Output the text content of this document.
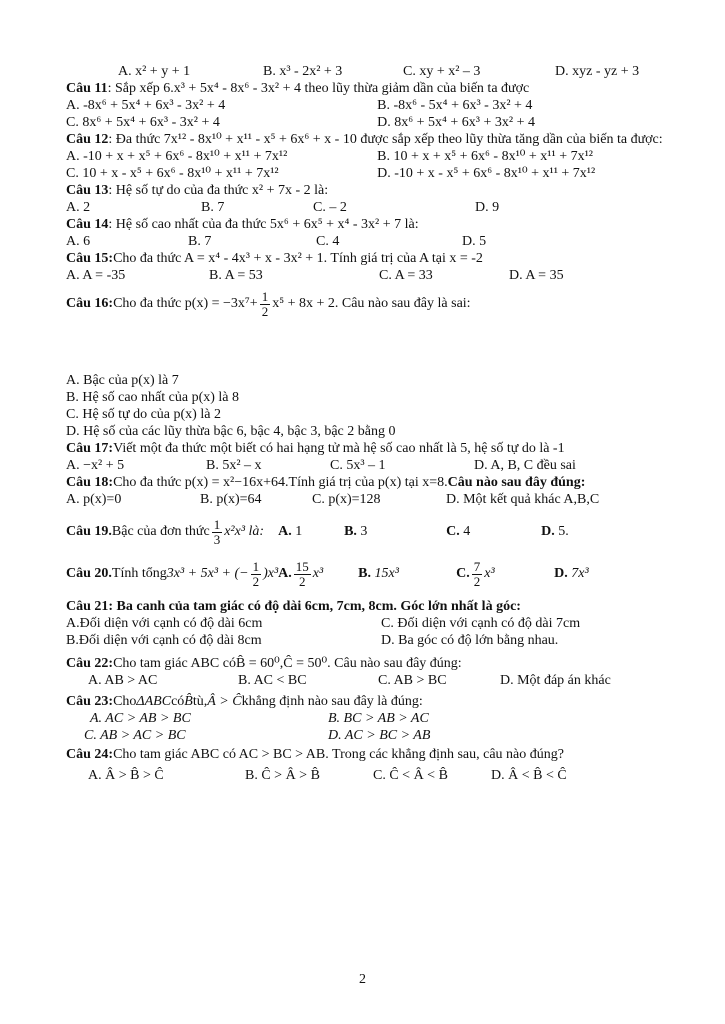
A. x² + y + 1	B. x³ - 2x² + 3	C. xy + x² – 3	D. xyz - yz + 3
Câu 11 : Sắp xếp 6.x³ + 5x⁴ - 8x⁶ - 3x² + 4 theo lũy thừa giảm dần của biến ta được
A. -8x⁶ + 5x⁴ + 6x³ - 3x² + 4	B. -8x⁶ - 5x⁴ + 6x³ - 3x² + 4
C. 8x⁶ + 5x⁴ + 6x³ - 3x² + 4	D. 8x⁶ + 5x⁴ + 6x³ + 3x² + 4
Câu 12: Đa thức 7x¹² - 8x¹⁰ + x¹¹ - x⁵ + 6x⁶ + x - 10 được sắp xếp theo lũy thừa tăng dần của biến ta được:
A. -10 + x + x⁵ + 6x⁶ - 8x¹⁰ + x¹¹ + 7x¹²	B. 10 + x + x⁵ + 6x⁶ - 8x¹⁰ + x¹¹ + 7x¹²
C. 10 + x - x⁵ + 6x⁶ - 8x¹⁰ + x¹¹ + 7x¹²	D. -10 + x - x⁵ + 6x⁶ - 8x¹⁰ + x¹¹ + 7x¹²
Câu 13 : Hệ số tự do của đa thức x² + 7x - 2 là:
A. 2	B. 7	C. – 2	D. 9
Câu 14 : Hệ số cao nhất của đa thức 5x⁶ + 6x⁵ + x⁴ - 3x² + 7 là:
A. 6	B. 7	C. 4	D. 5
Câu 15: Cho đa thức A = x⁴ - 4x³ + x - 3x² + 1. Tính giá trị của A tại x = -2
A. A = -35	B. A = 53	C. A = 33	D. A = 35
Câu 16: Cho đa thức $p(x) = -3x^7+ \frac{1}{2} x^5 + 8x + 2$. Câu nào sau đây là sai:
A. Bậc của p(x) là 7
B. Hệ số cao nhất của p(x) là 8
C. Hệ số tự do của p(x) là 2
D. Hệ số của các lũy thừa bậc 6, bậc 4, bậc 3, bậc 2 bằng 0
Câu 17: Viết một đa thức một biết có hai hạng tử mà hệ số cao nhất là 5, hệ số tự do là -1
A. −x² + 5	B. 5x² – x	C. 5x³ – 1	D. A, B, C đều sai
Câu 18: Cho đa thức p(x) = x²−16x+64.Tính giá trị của p(x) tại x=8. Câu nào sau đây đúng:
A. p(x)=0	B. p(x)=64	C. p(x)=128	D. Một kết quả khác A,B,C
Câu 19. Bậc của đơn thức $\frac{1}{3} x^2x^3$ là:	A. 1	B. 3	C. 4	D. 5.
Câu 20. Tính tổng 3x³ + 5x³ + (− $\frac{1}{2} )x^3$ A. $\frac{15}{2} x^3$ B. 15x³	C. $\frac{7}{2} x^3$	D. 7x³
Câu 21: Ba canh của tam giác có độ dài 6cm, 7cm, 8cm. Góc lớn nhất là góc:
A.Đối diện với cạnh có độ dài 6cm	C. Đối diện với cạnh có độ dài 7cm
B.Đối diện với cạnh có độ dài 8cm	D. Ba góc có độ lớn bằng nhau.
Câu 22: Cho tam giác ABC có B̂ = 60⁰,Ĉ = 50⁰ . Câu nào sau đây đúng:
A. AB > AC	B. AC < BC	C. AB > BC	D. Một đáp án khác
Câu 23: Cho ΔABC có B̂ tù, Â > Ĉ khẳng định nào sau đây là đúng:
A. AC > AB > BC	B. BC > AB > AC
C. AB > AC > BC	D. AC > BC > AB
Câu 24: Cho tam giác ABC có AC > BC > AB. Trong các khẳng định sau, câu nào đúng?
A. Â > B̂ > Ĉ	B. Ĉ > Â > B̂	C. Ĉ < Â < B̂	D. Â < B̂ < Ĉ
2
